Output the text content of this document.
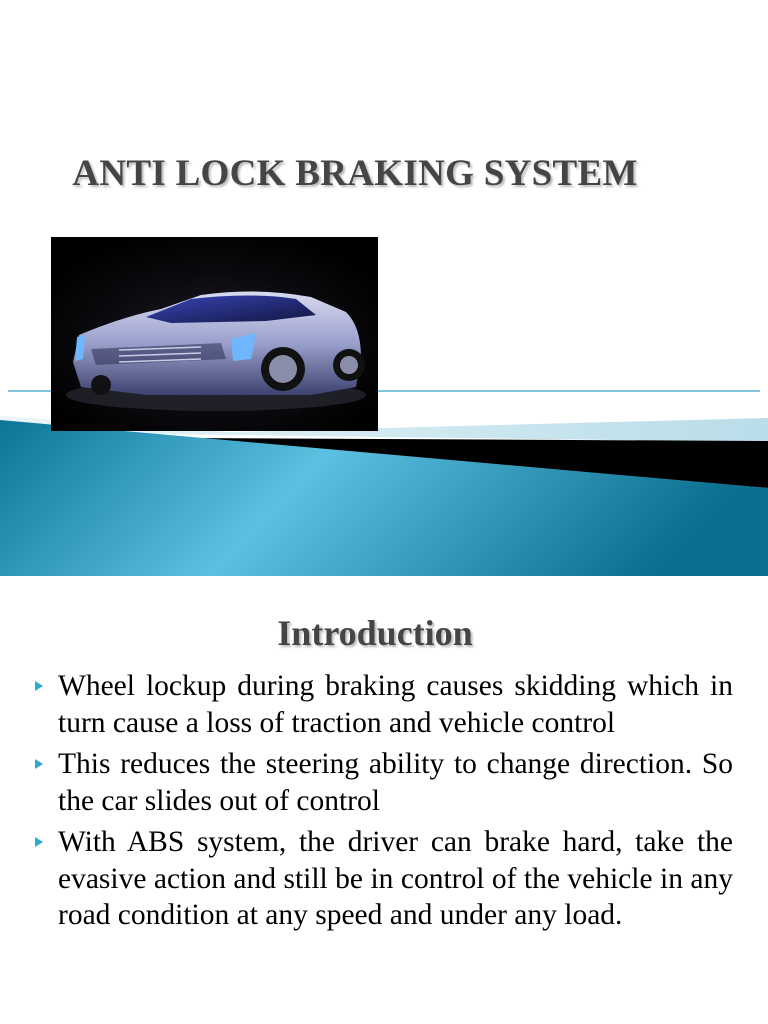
ANTI LOCK BRAKING SYSTEM
Introduction
Wheel lockup during braking causes skidding which in turn cause a loss of traction and vehicle control
This reduces the steering ability to change direction. So the car slides out of control
With ABS system, the driver can brake hard, take the evasive action and still be in control of the vehicle in any road condition at any speed and under any load.
